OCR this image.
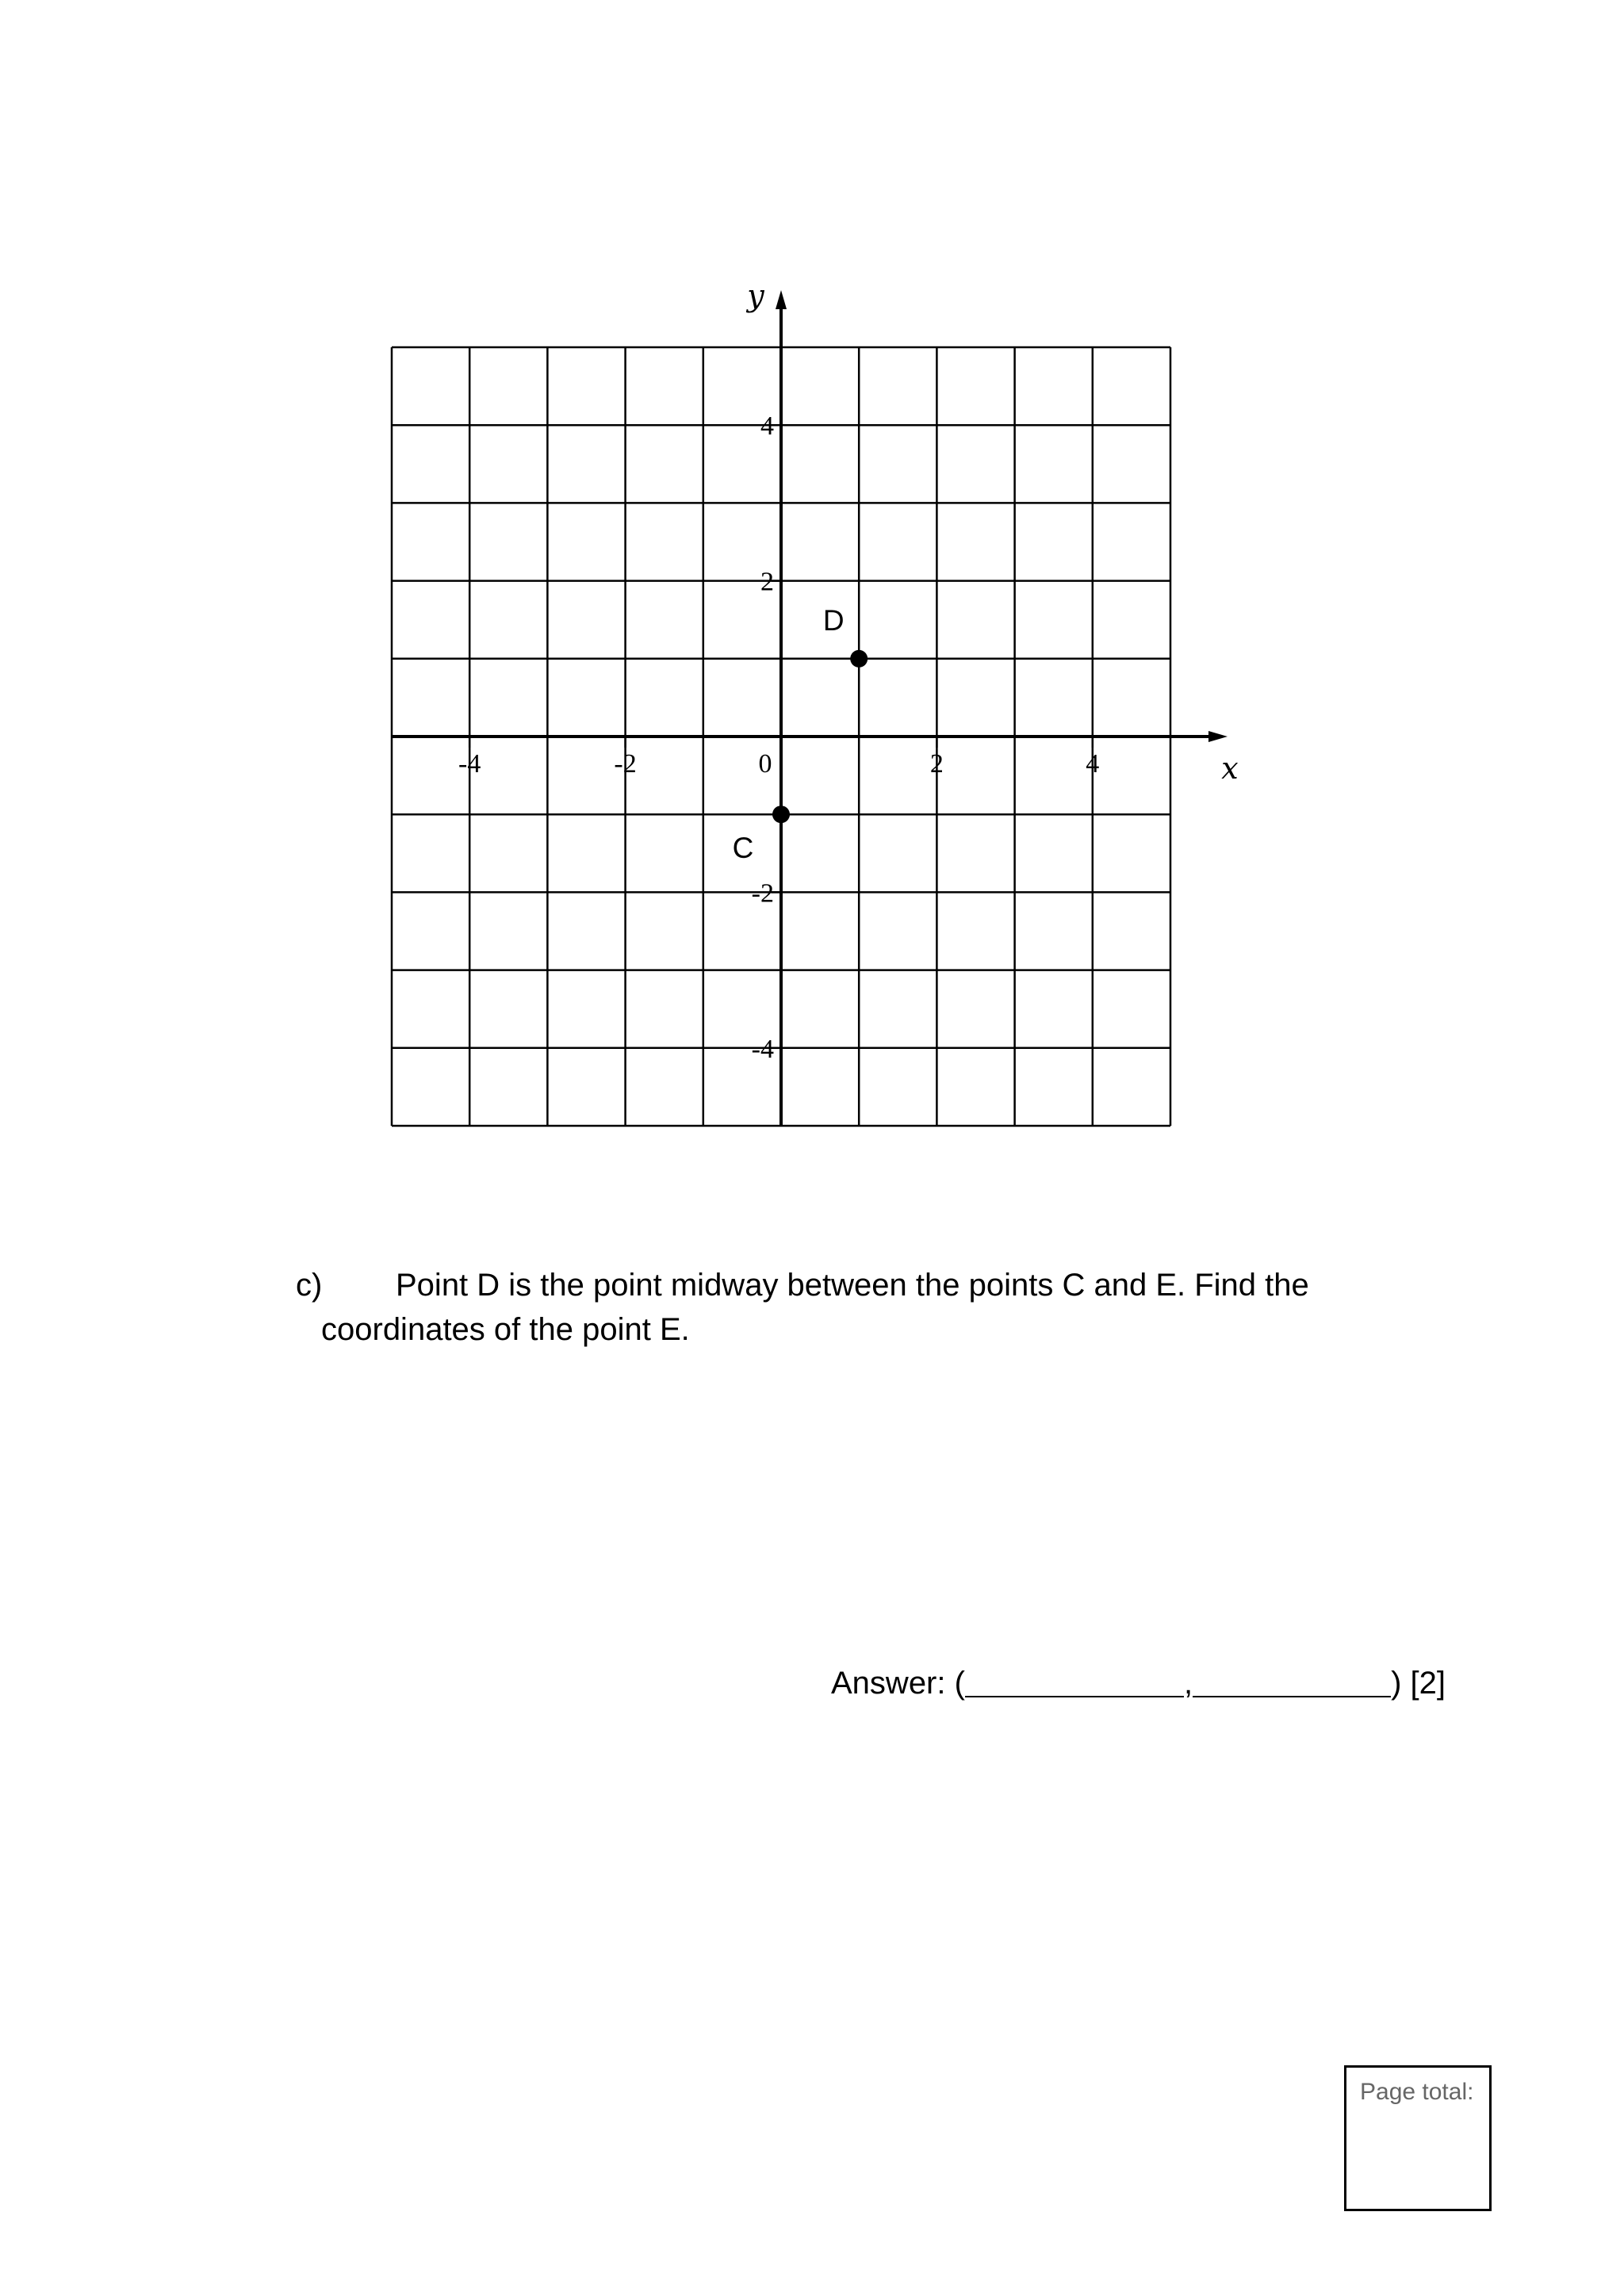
x
y
-4	-2	0	2	4
4
2
-2
-4
D
C
c) Point D is the point midway between the points C and E. Find the
coordinates of the point E.
Answer: (	,	) [2]
Page total:
